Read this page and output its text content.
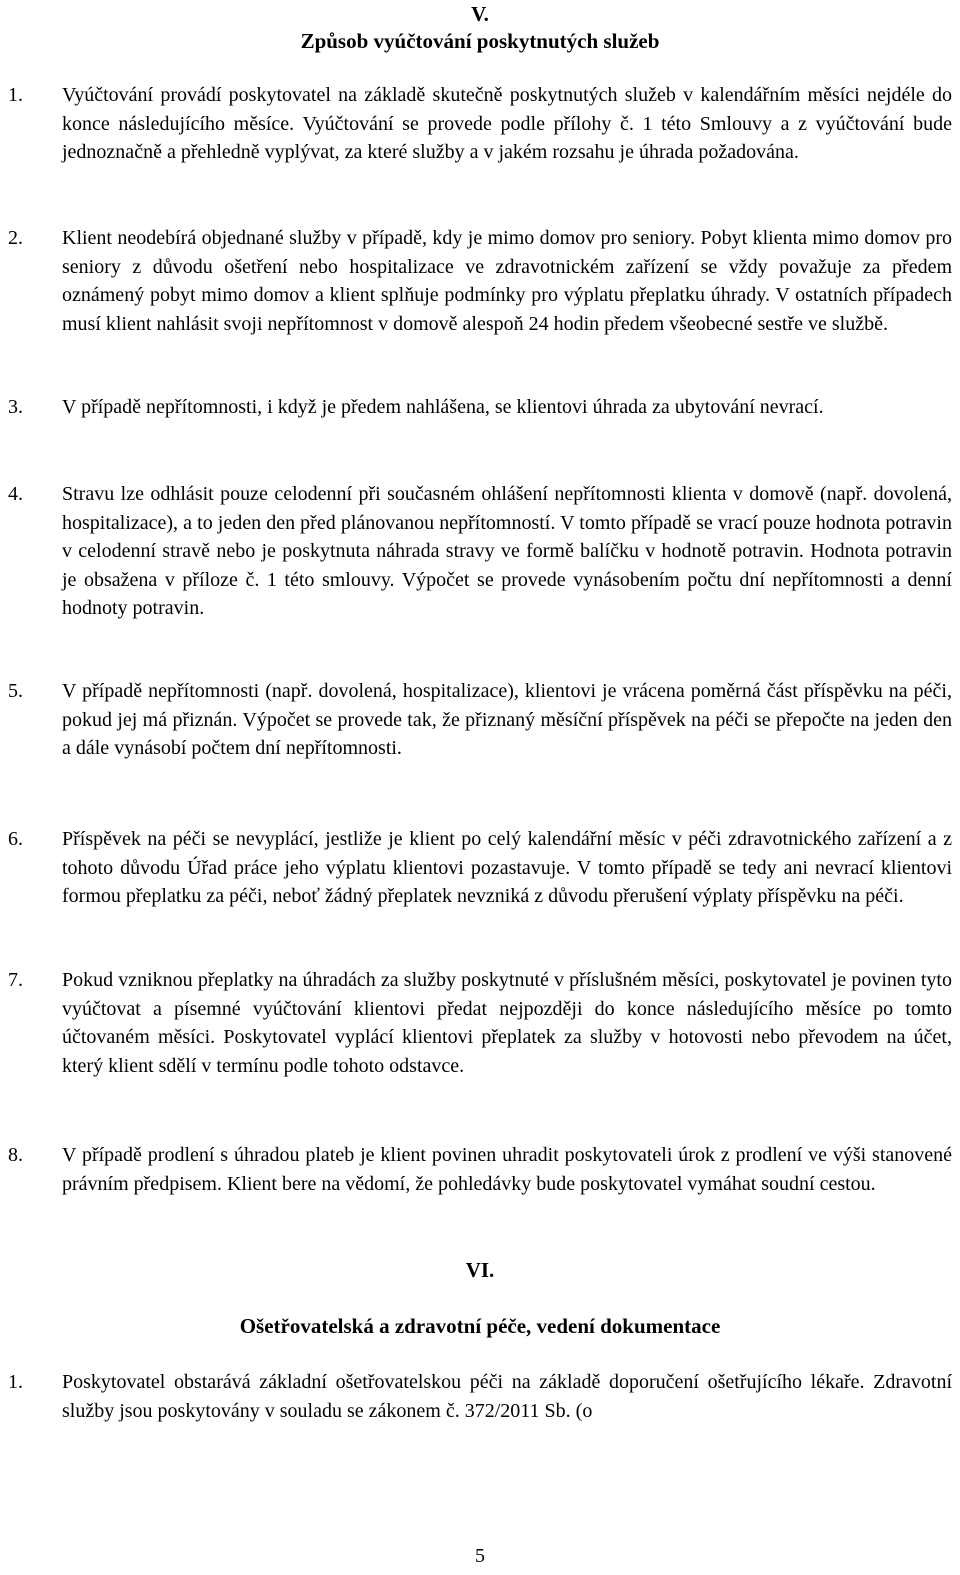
V.
Způsob vyúčtování poskytnutých služeb
1. Vyúčtování provádí poskytovatel na základě skutečně poskytnutých služeb v kalendářním měsíci nejdéle do konce následujícího měsíce. Vyúčtování se provede podle přílohy č. 1 této Smlouvy a z vyúčtování bude jednoznačně a přehledně vyplývat, za které služby a v jakém rozsahu je úhrada požadována.
2. Klient neodebírá objednané služby v případě, kdy je mimo domov pro seniory. Pobyt klienta mimo domov pro seniory z důvodu ošetření nebo hospitalizace ve zdravotnickém zařízení se vždy považuje za předem oznámený pobyt mimo domov a klient splňuje podmínky pro výplatu přeplatku úhrady. V ostatních případech musí klient nahlásit svoji nepřítomnost v domově alespoň 24 hodin předem všeobecné sestře ve službě.
3. V případě nepřítomnosti, i když je předem nahlášena, se klientovi úhrada za ubytování nevrací.
4. Stravu lze odhlásit pouze celodenní při současném ohlášení nepřítomnosti klienta v domově (např. dovolená, hospitalizace), a to jeden den před plánovanou nepřítomností. V tomto případě se vrací pouze hodnota potravin v celodenní stravě nebo je poskytnuta náhrada stravy ve formě balíčku v hodnotě potravin. Hodnota potravin je obsažena v příloze č. 1 této smlouvy. Výpočet se provede vynásobením počtu dní nepřítomnosti a denní hodnoty potravin.
5. V případě nepřítomnosti (např. dovolená, hospitalizace), klientovi je vrácena poměrná část příspěvku na péči, pokud jej má přiznán. Výpočet se provede tak, že přiznaný měsíční příspěvek na péči se přepočte na jeden den a dále vynásobí počtem dní nepřítomnosti.
6. Příspěvek na péči se nevyplácí, jestliže je klient po celý kalendářní měsíc v péči zdravotnického zařízení a z tohoto důvodu Úřad práce jeho výplatu klientovi pozastavuje. V tomto případě se tedy ani nevrací klientovi formou přeplatku za péči, neboť žádný přeplatek nevzniká z důvodu přerušení výplaty příspěvku na péči.
7. Pokud vzniknou přeplatky na úhradách za služby poskytnuté v příslušném měsíci, poskytovatel je povinen tyto vyúčtovat a písemné vyúčtování klientovi předat nejpozději do konce následujícího měsíce po tomto účtovaném měsíci. Poskytovatel vyplácí klientovi přeplatek za služby v hotovosti nebo převodem na účet, který klient sdělí v termínu podle tohoto odstavce.
8. V případě prodlení s úhradou plateb je klient povinen uhradit poskytovateli úrok z prodlení ve výši stanovené právním předpisem. Klient bere na vědomí, že pohledávky bude poskytovatel vymáhat soudní cestou.
VI.
Ošetřovatelská a zdravotní péče, vedení dokumentace
1. Poskytovatel obstarává základní ošetřovatelskou péči na základě doporučení ošetřujícího lékaře. Zdravotní služby jsou poskytovány v souladu se zákonem č. 372/2011 Sb. (o
5
